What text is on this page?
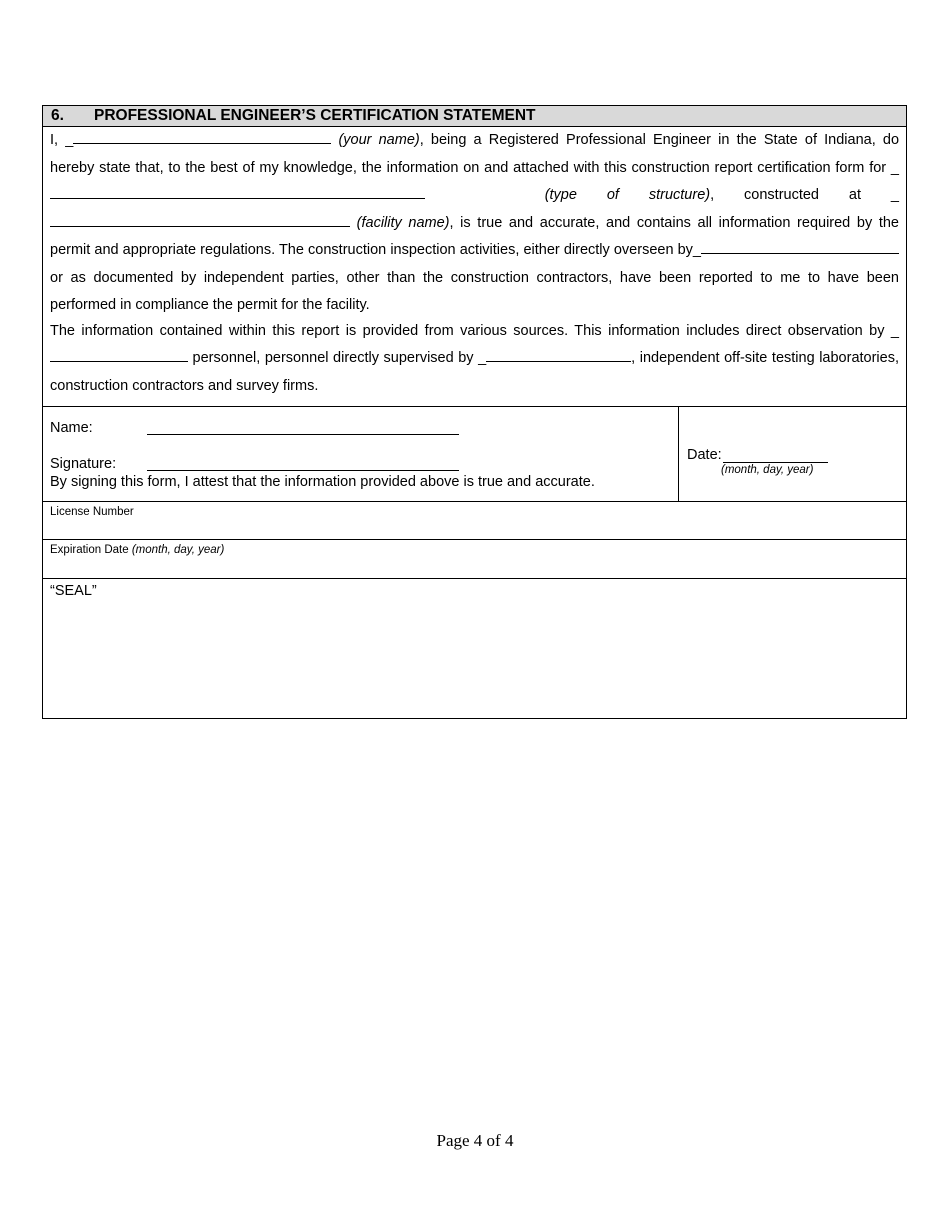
6. PROFESSIONAL ENGINEER’S CERTIFICATION STATEMENT

I, _	(your name), being a Registered Professional Engineer in the State of Indiana, do hereby state that, to the best of my knowledge, the information on and attached with this construction report certification form for _    (type of structure), constructed at _ (facility name), is true and accurate, and contains all information required by the permit and appropriate regulations. The construction inspection activities, either directly overseen by_ or as documented by independent parties, other than the construction contractors, have been reported to me to have been performed in compliance the permit for the facility.

The information contained within this report is provided from various sources. This information includes direct observation by _ personnel, personnel directly supervised by _	, independent off-site testing laboratories, construction contractors and survey firms.

Name:
Signature:
By signing this form, I attest that the information provided above is true and accurate.
Date:
(month, day, year)
License Number
Expiration Date (month, day, year)
“SEAL”
Page 4 of 4
